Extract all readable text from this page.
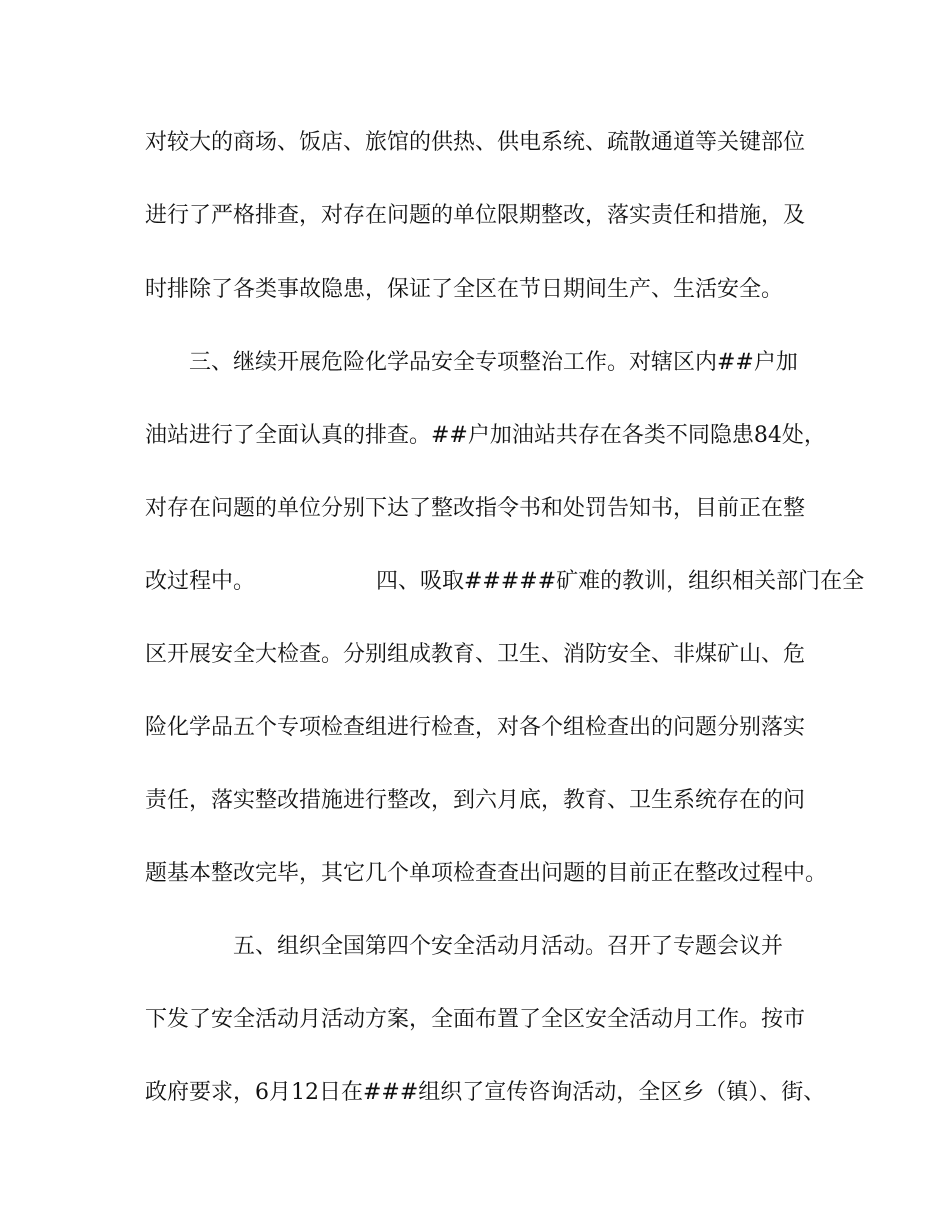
对较大的商场、饭店、旅馆的供热、供电系统、疏散通道等关键部位
进行了严格排查，对存在问题的单位限期整改，落实责任和措施，及
时排除了各类事故隐患，保证了全区在节日期间生产、生活安全。
　　三、继续开展危险化学品安全专项整治工作。对辖区内##户加
油站进行了全面认真的排查。##户加油站共存在各类不同隐患84处，
对存在问题的单位分别下达了整改指令书和处罚告知书，目前正在整
改过程中。　　　　　　四、吸取#####矿难的教训，组织相关部门在全
区开展安全大检查。分别组成教育、卫生、消防安全、非煤矿山、危
险化学品五个专项检查组进行检查，对各个组检查出的问题分别落实
责任，落实整改措施进行整改，到六月底，教育、卫生系统存在的问
题基本整改完毕，其它几个单项检查查出问题的目前正在整改过程中。
　　　　五、组织全国第四个安全活动月活动。召开了专题会议并
下发了安全活动月活动方案，全面布置了全区安全活动月工作。按市
政府要求，6月12日在###组织了宣传咨询活动，全区乡（镇）、街、
